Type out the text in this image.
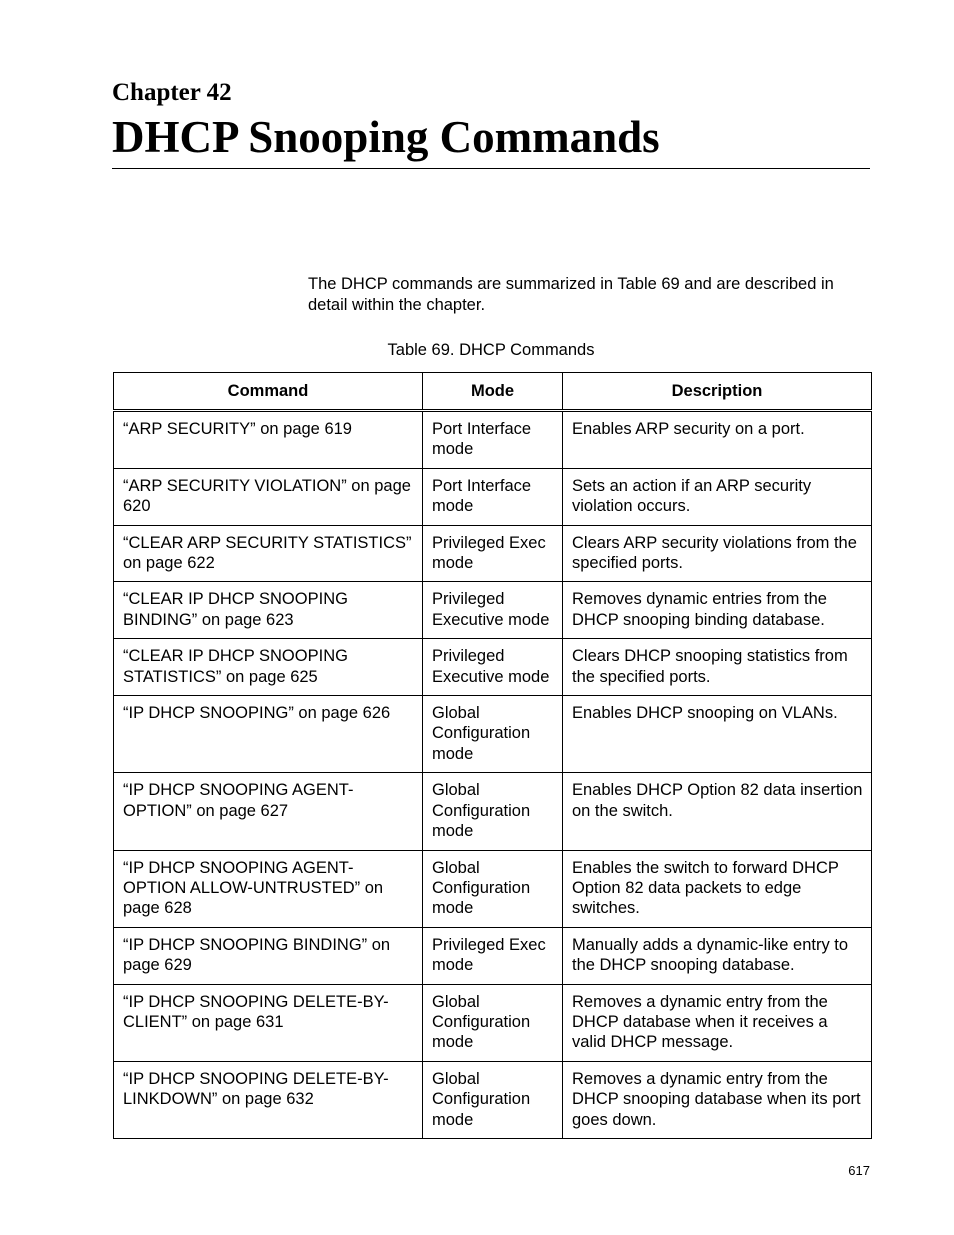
Chapter 42
DHCP Snooping Commands

The DHCP commands are summarized in Table 69 and are described in detail within the chapter.

Table 69. DHCP Commands

Command	Mode	Description
“ARP SECURITY” on page 619	Port Interface mode	Enables ARP security on a port.
“ARP SECURITY VIOLATION” on page 620	Port Interface mode	Sets an action if an ARP security violation occurs.
“CLEAR ARP SECURITY STATISTICS” on page 622	Privileged Exec mode	Clears ARP security violations from the specified ports.
“CLEAR IP DHCP SNOOPING BINDING” on page 623	Privileged Executive mode	Removes dynamic entries from the DHCP snooping binding database.
“CLEAR IP DHCP SNOOPING STATISTICS” on page 625	Privileged Executive mode	Clears DHCP snooping statistics from the specified ports.
“IP DHCP SNOOPING” on page 626	Global Configuration mode	Enables DHCP snooping on VLANs.
“IP DHCP SNOOPING AGENT-OPTION” on page 627	Global Configuration mode	Enables DHCP Option 82 data insertion on the switch.
“IP DHCP SNOOPING AGENT-OPTION ALLOW-UNTRUSTED” on page 628	Global Configuration mode	Enables the switch to forward DHCP Option 82 data packets to edge switches.
“IP DHCP SNOOPING BINDING” on page 629	Privileged Exec mode	Manually adds a dynamic-like entry to the DHCP snooping database.
“IP DHCP SNOOPING DELETE-BY-CLIENT” on page 631	Global Configuration mode	Removes a dynamic entry from the DHCP database when it receives a valid DHCP message.
“IP DHCP SNOOPING DELETE-BY-LINKDOWN” on page 632	Global Configuration mode	Removes a dynamic entry from the DHCP snooping database when its port goes down.

617
